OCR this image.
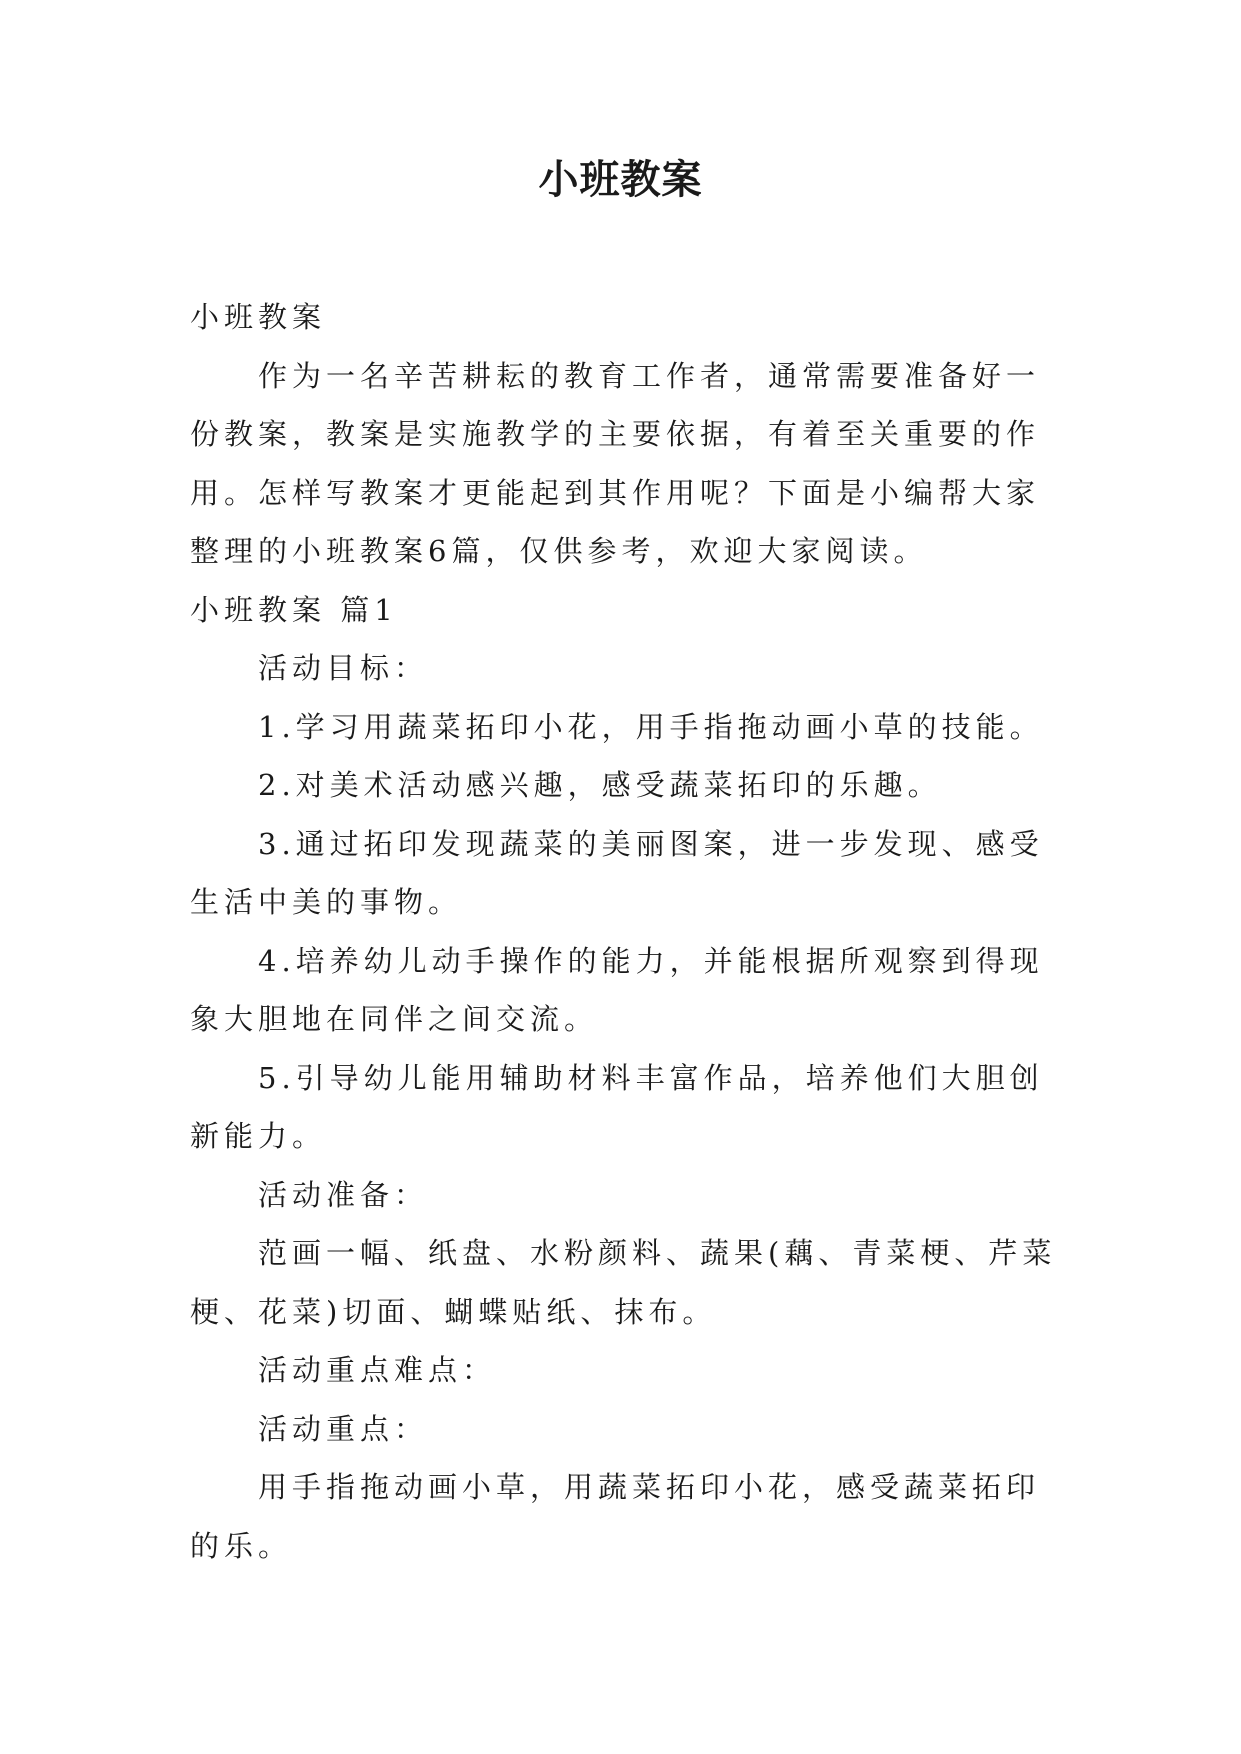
小班教案

小班教案

作为一名辛苦耕耘的教育工作者，通常需要准备好一份教案，教案是实施教学的主要依据，有着至关重要的作用。怎样写教案才更能起到其作用呢？下面是小编帮大家整理的小班教案6篇，仅供参考，欢迎大家阅读。

小班教案 篇1

活动目标：

1.学习用蔬菜拓印小花，用手指拖动画小草的技能。

2.对美术活动感兴趣，感受蔬菜拓印的乐趣。

3.通过拓印发现蔬菜的美丽图案，进一步发现、感受生活中美的事物。

4.培养幼儿动手操作的能力，并能根据所观察到得现象大胆地在同伴之间交流。

5.引导幼儿能用辅助材料丰富作品，培养他们大胆创新能力。

活动准备：

范画一幅、纸盘、水粉颜料、蔬果(藕、青菜梗、芹菜梗、花菜)切面、蝴蝶贴纸、抹布。

活动重点难点：

活动重点：

用手指拖动画小草，用蔬菜拓印小花，感受蔬菜拓印的乐。
